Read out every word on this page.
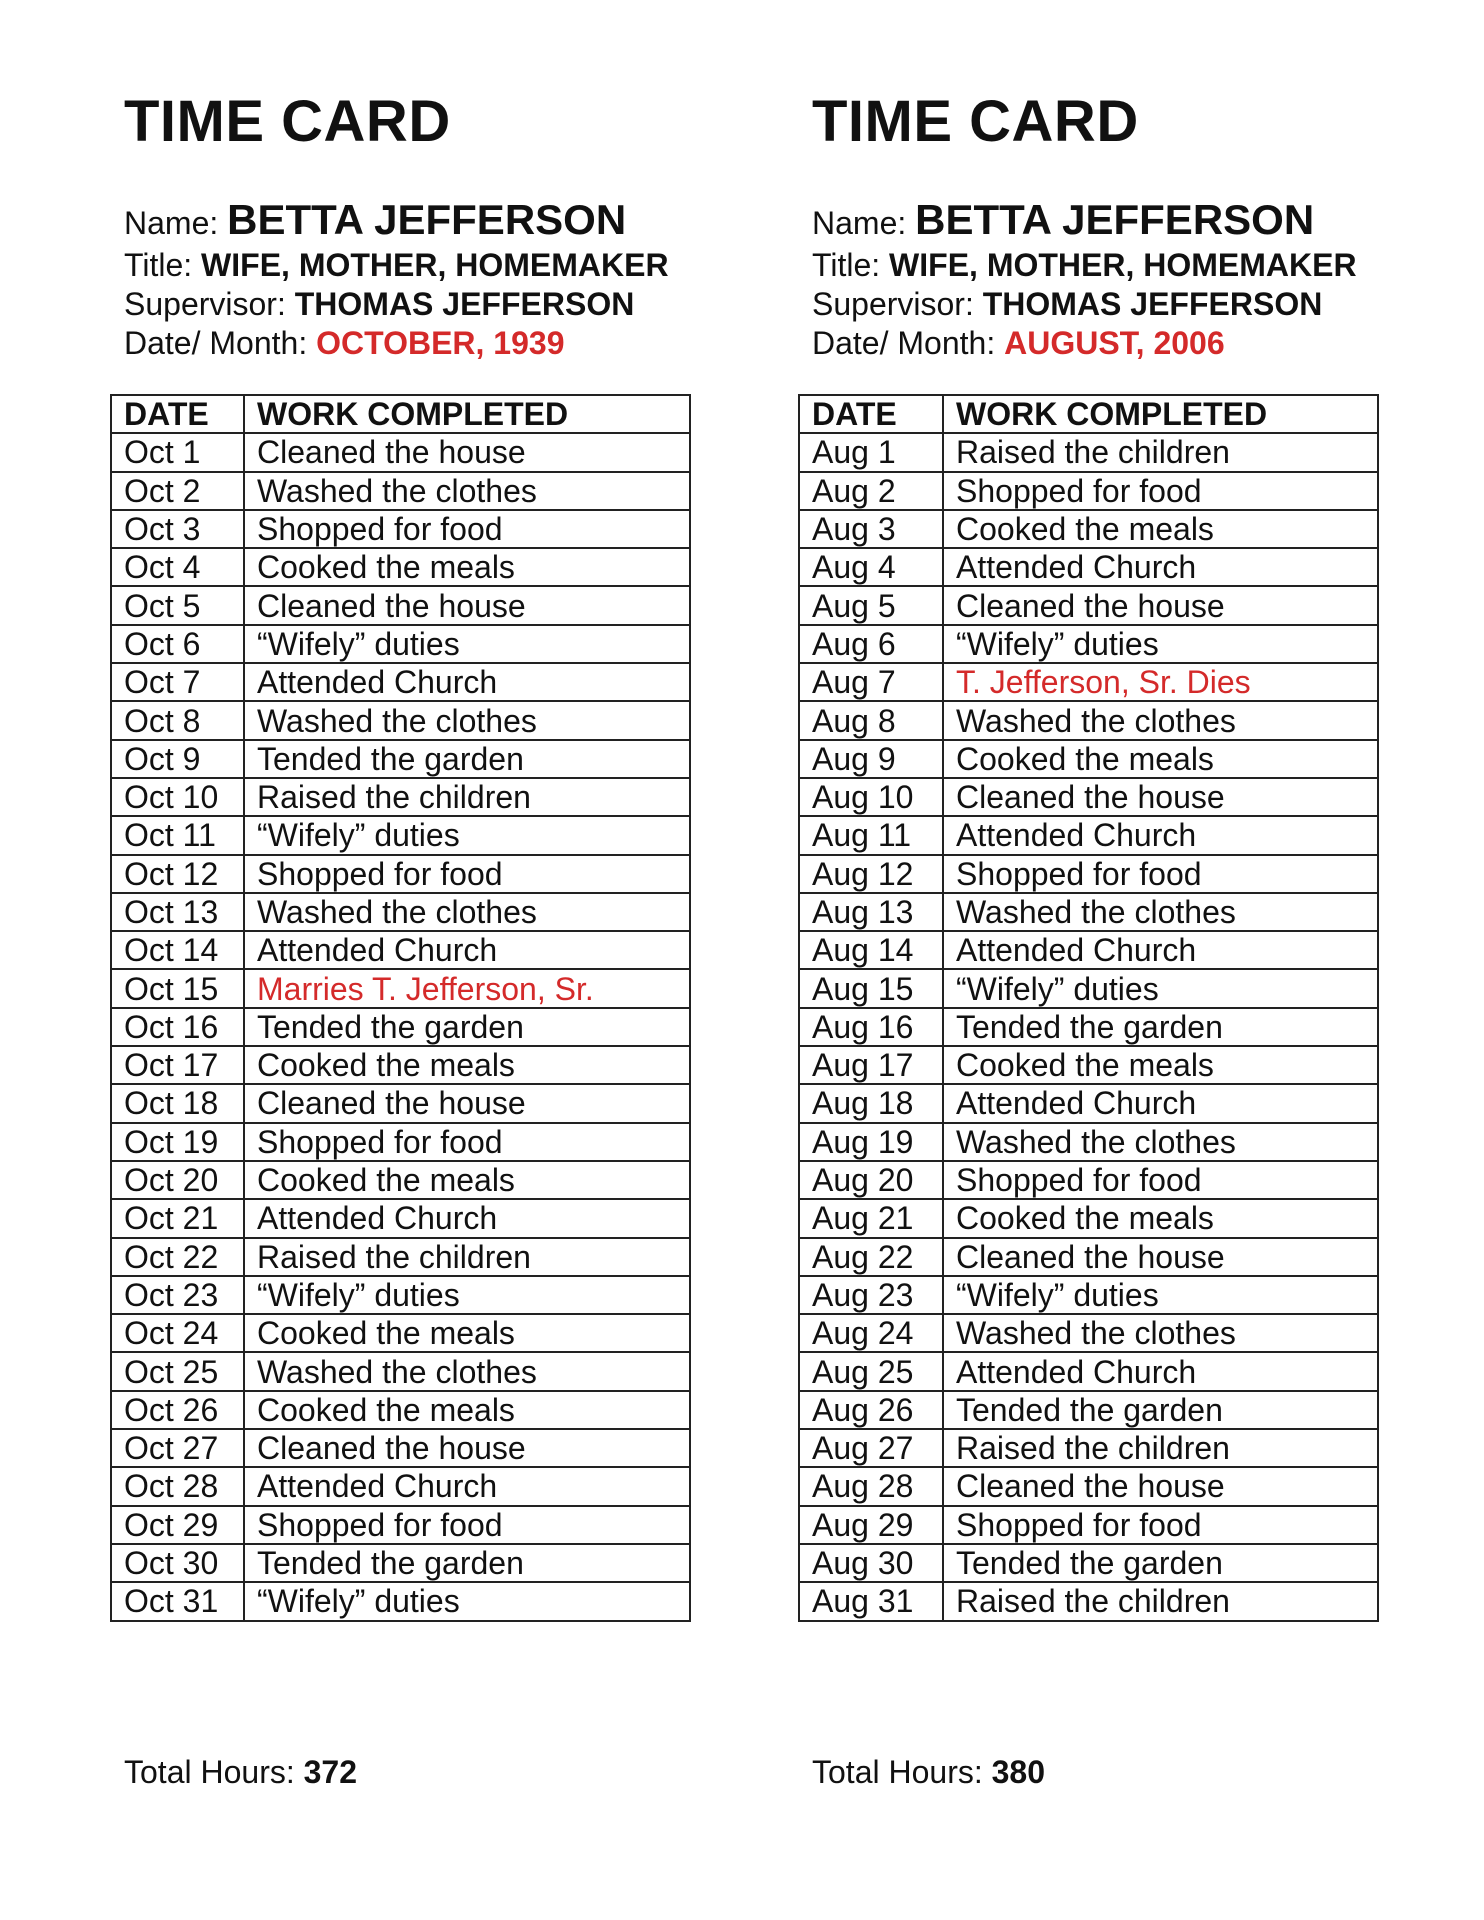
TIME CARD
Name: BETTA JEFFERSON
Title: WIFE, MOTHER, HOMEMAKER
Supervisor: THOMAS JEFFERSON
Date/ Month: OCTOBER, 1939
DATE	WORK COMPLETED
Oct 1	Cleaned the house
Oct 2	Washed the clothes
Oct 3	Shopped for food
Oct 4	Cooked the meals
Oct 5	Cleaned the house
Oct 6	“Wifely” duties
Oct 7	Attended Church
Oct 8	Washed the clothes
Oct 9	Tended the garden
Oct 10	Raised the children
Oct 11	“Wifely” duties
Oct 12	Shopped for food
Oct 13	Washed the clothes
Oct 14	Attended Church
Oct 15	Marries T. Jefferson, Sr.
Oct 16	Tended the garden
Oct 17	Cooked the meals
Oct 18	Cleaned the house
Oct 19	Shopped for food
Oct 20	Cooked the meals
Oct 21	Attended Church
Oct 22	Raised the children
Oct 23	“Wifely” duties
Oct 24	Cooked the meals
Oct 25	Washed the clothes
Oct 26	Cooked the meals
Oct 27	Cleaned the house
Oct 28	Attended Church
Oct 29	Shopped for food
Oct 30	Tended the garden
Oct 31	“Wifely” duties
Total Hours: 372
TIME CARD
Name: BETTA JEFFERSON
Title: WIFE, MOTHER, HOMEMAKER
Supervisor: THOMAS JEFFERSON
Date/ Month: AUGUST, 2006
DATE	WORK COMPLETED
Aug 1	Raised the children
Aug 2	Shopped for food
Aug 3	Cooked the meals
Aug 4	Attended Church
Aug 5	Cleaned the house
Aug 6	“Wifely” duties
Aug 7	T. Jefferson, Sr. Dies
Aug 8	Washed the clothes
Aug 9	Cooked the meals
Aug 10	Cleaned the house
Aug 11	Attended Church
Aug 12	Shopped for food
Aug 13	Washed the clothes
Aug 14	Attended Church
Aug 15	“Wifely” duties
Aug 16	Tended the garden
Aug 17	Cooked the meals
Aug 18	Attended Church
Aug 19	Washed the clothes
Aug 20	Shopped for food
Aug 21	Cooked the meals
Aug 22	Cleaned the house
Aug 23	“Wifely” duties
Aug 24	Washed the clothes
Aug 25	Attended Church
Aug 26	Tended the garden
Aug 27	Raised the children
Aug 28	Cleaned the house
Aug 29	Shopped for food
Aug 30	Tended the garden
Aug 31	Raised the children
Total Hours: 380
